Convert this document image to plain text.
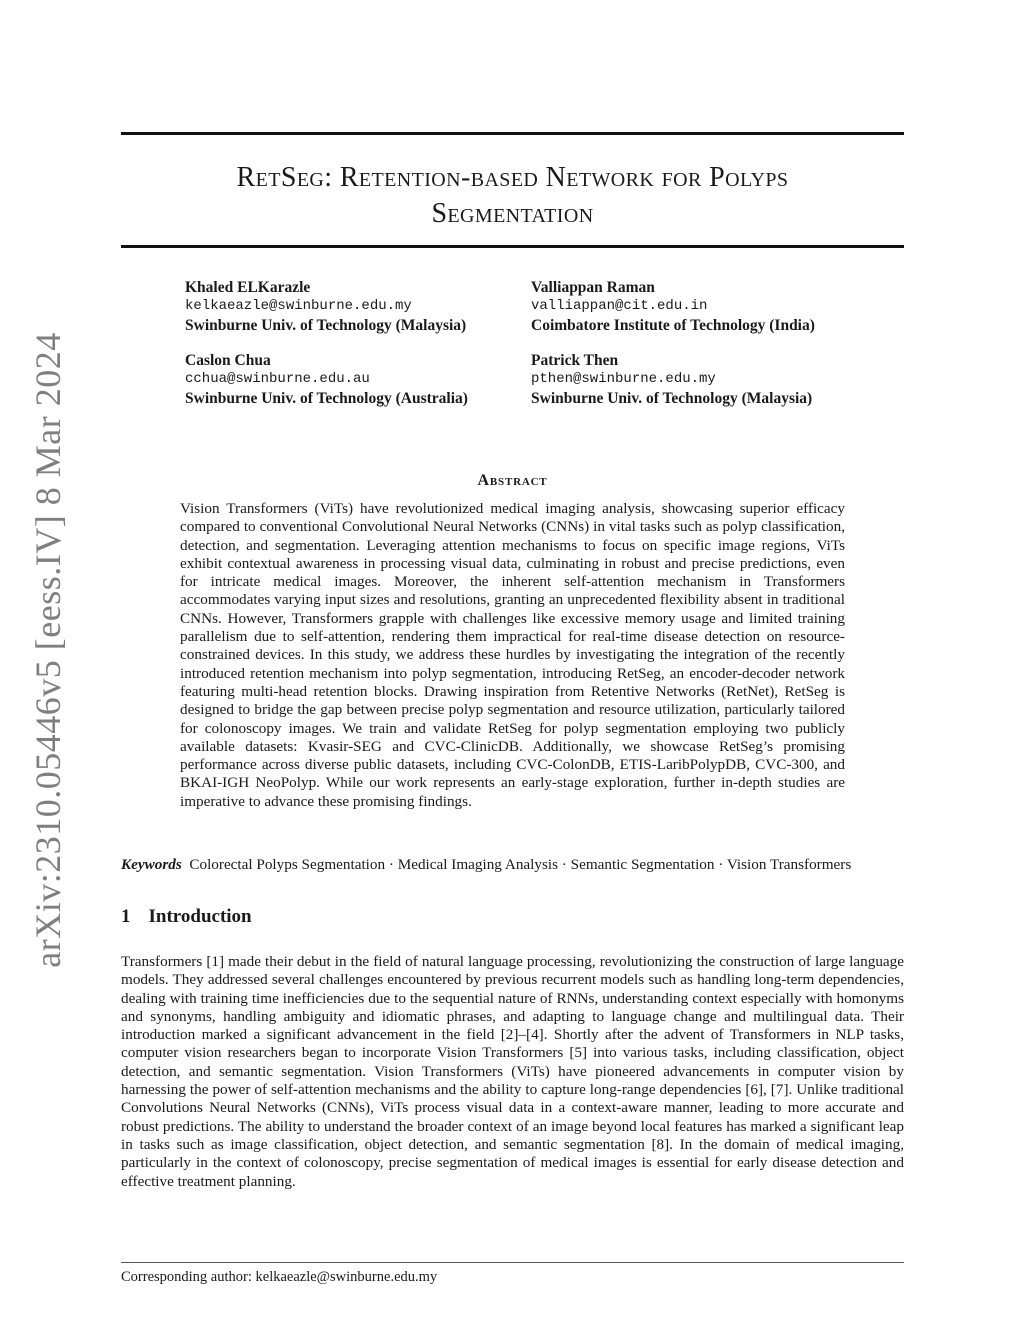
arXiv:2310.05446v5 [eess.IV] 8 Mar 2024
RetSeg: Retention-based Network for Polyps
Segmentation
Khaled ELKarazle
kelkaeazle@swinburne.edu.my
Swinburne Univ. of Technology (Malaysia)
Valliappan Raman
valliappan@cit.edu.in
Coimbatore Institute of Technology (India)
Caslon Chua
cchua@swinburne.edu.au
Swinburne Univ. of Technology (Australia)
Patrick Then
pthen@swinburne.edu.my
Swinburne Univ. of Technology (Malaysia)
Abstract
Vision Transformers (ViTs) have revolutionized medical imaging analysis, showcasing superior efficacy compared to conventional Convolutional Neural Networks (CNNs) in vital tasks such as polyp classification, detection, and segmentation. Leveraging attention mechanisms to focus on specific image regions, ViTs exhibit contextual awareness in processing visual data, culminating in robust and precise predictions, even for intricate medical images. Moreover, the inherent self-attention mechanism in Transformers accommodates varying input sizes and resolutions, granting an unprecedented flexibility absent in traditional CNNs. However, Transformers grapple with challenges like excessive memory usage and limited training parallelism due to self-attention, rendering them impractical for real-time disease detection on resource-constrained devices. In this study, we address these hurdles by investigating the integration of the recently introduced retention mechanism into polyp segmentation, introducing RetSeg, an encoder-decoder network featuring multi-head retention blocks. Drawing inspiration from Retentive Networks (RetNet), RetSeg is designed to bridge the gap between precise polyp segmentation and resource utilization, particularly tailored for colonoscopy images. We train and validate RetSeg for polyp segmentation employing two publicly available datasets: Kvasir-SEG and CVC-ClinicDB. Additionally, we showcase RetSeg’s promising performance across diverse public datasets, including CVC-ColonDB, ETIS-LaribPolypDB, CVC-300, and BKAI-IGH NeoPolyp. While our work represents an early-stage exploration, further in-depth studies are imperative to advance these promising findings.
Keywords Colorectal Polyps Segmentation · Medical Imaging Analysis · Semantic Segmentation · Vision Transformers
1 Introduction
Transformers [1] made their debut in the field of natural language processing, revolutionizing the construction of large language models. They addressed several challenges encountered by previous recurrent models such as handling long-term dependencies, dealing with training time inefficiencies due to the sequential nature of RNNs, understanding context especially with homonyms and synonyms, handling ambiguity and idiomatic phrases, and adapting to language change and multilingual data. Their introduction marked a significant advancement in the field [2]–[4]. Shortly after the advent of Transformers in NLP tasks, computer vision researchers began to incorporate Vision Transformers [5] into various tasks, including classification, object detection, and semantic segmentation. Vision Transformers (ViTs) have pioneered advancements in computer vision by harnessing the power of self-attention mechanisms and the ability to capture long-range dependencies [6], [7]. Unlike traditional Convolutions Neural Networks (CNNs), ViTs process visual data in a context-aware manner, leading to more accurate and robust predictions. The ability to understand the broader context of an image beyond local features has marked a significant leap in tasks such as image classification, object detection, and semantic segmentation [8]. In the domain of medical imaging, particularly in the context of colonoscopy, precise segmentation of medical images is essential for early disease detection and effective treatment planning.
Corresponding author: kelkaeazle@swinburne.edu.my
